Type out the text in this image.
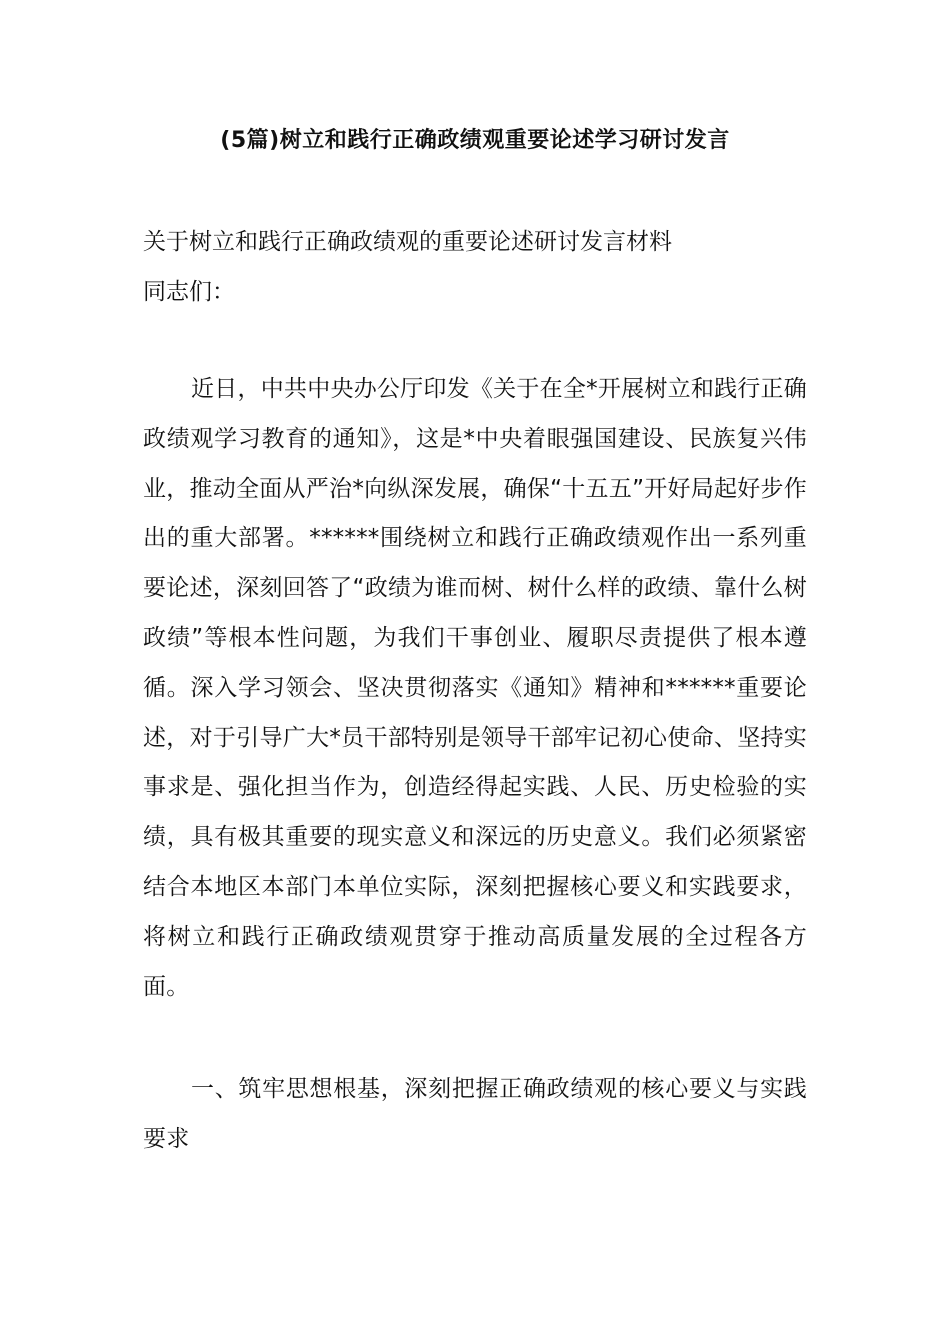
(5篇)树立和践行正确政绩观重要论述学习研讨发言
关于树立和践行正确政绩观的重要论述研讨发言材料
同志们：
近日，中共中央办公厅印发《关于在全*开展树立和践行正确政绩观学习教育的通知》，这是*中央着眼强国建设、民族复兴伟业，推动全面从严治*向纵深发展，确保“十五五”开好局起好步作出的重大部署。******围绕树立和践行正确政绩观作出一系列重要论述，深刻回答了“政绩为谁而树、树什么样的政绩、靠什么树政绩”等根本性问题，为我们干事创业、履职尽责提供了根本遵循。深入学习领会、坚决贯彻落实《通知》精神和******重要论述，对于引导广大*员干部特别是领导干部牢记初心使命、坚持实事求是、强化担当作为，创造经得起实践、人民、历史检验的实绩，具有极其重要的现实意义和深远的历史意义。我们必须紧密结合本地区本部门本单位实际，深刻把握核心要义和实践要求，将树立和践行正确政绩观贯穿于推动高质量发展的全过程各方面。
一、筑牢思想根基，深刻把握正确政绩观的核心要义与实践要求
